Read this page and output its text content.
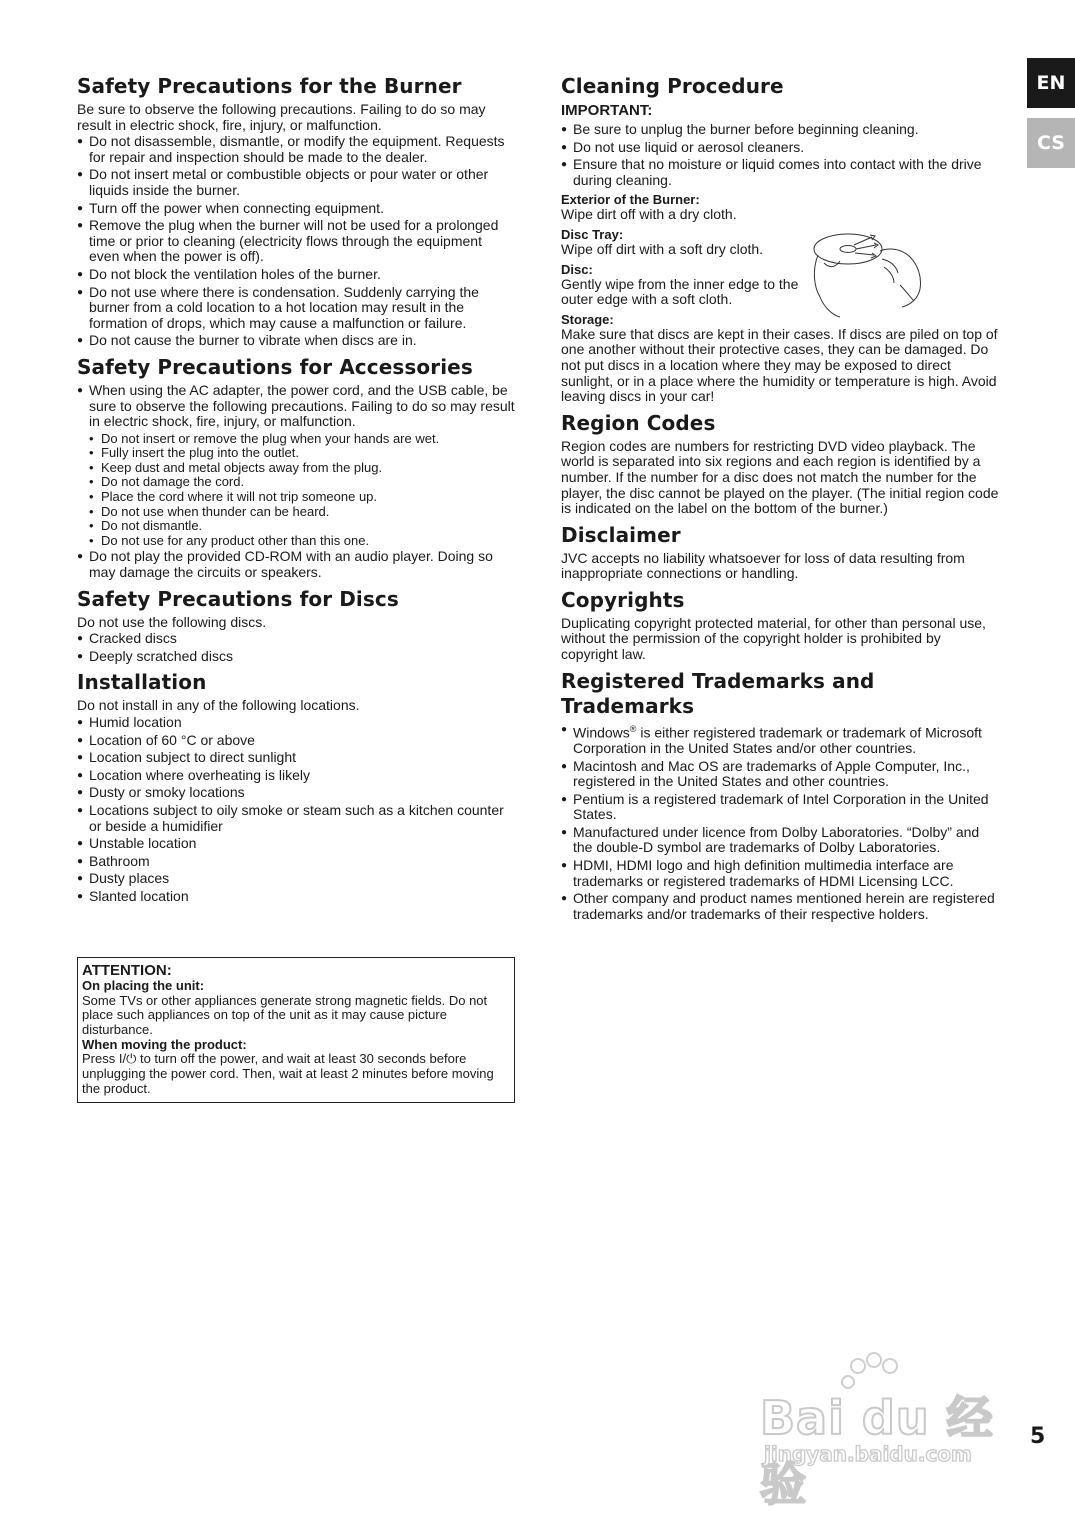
EN
CS
Safety Precautions for the Burner

Be sure to observe the following precautions. Failing to do so may result in electric shock, fire, injury, or malfunction.

● Do not disassemble, dismantle, or modify the equipment. Requests for repair and inspection should be made to the dealer.
● Do not insert metal or combustible objects or pour water or other liquids inside the burner.
● Turn off the power when connecting equipment.
● Remove the plug when the burner will not be used for a prolonged time or prior to cleaning (electricity flows through the equipment even when the power is off).
● Do not block the ventilation holes of the burner.
● Do not use where there is condensation. Suddenly carrying the burner from a cold location to a hot location may result in the formation of drops, which may cause a malfunction or failure.
● Do not cause the burner to vibrate when discs are in.
Safety Precautions for Accessories
● When using the AC adapter, the power cord, and the USB cable, be sure to observe the following precautions. Failing to do so may result in electric shock, fire, injury, or malfunction.
• Do not insert or remove the plug when your hands are wet.
• Fully insert the plug into the outlet.
• Keep dust and metal objects away from the plug.
• Do not damage the cord.
• Place the cord where it will not trip someone up.
• Do not use when thunder can be heard.
• Do not dismantle.
• Do not use for any product other than this one.
● Do not play the provided CD-ROM with an audio player. Doing so may damage the circuits or speakers.
Safety Precautions for Discs

Do not use the following discs.

● Cracked discs
● Deeply scratched discs
Installation

Do not install in any of the following locations.

● Humid location
● Location of 60 °C or above
● Location subject to direct sunlight
● Location where overheating is likely
● Dusty or smoky locations
● Locations subject to oily smoke or steam such as a kitchen counter or beside a humidifier
● Unstable location
● Bathroom
● Dusty places
● Slanted location
ATTENTION:
On placing the unit:
Some TVs or other appliances generate strong magnetic fields. Do not place such appliances on top of the unit as it may cause picture disturbance.
When moving the product:
Press I/⏻ to turn off the power, and wait at least 30 seconds before unplugging the power cord. Then, wait at least 2 minutes before moving the product.
Cleaning Procedure
IMPORTANT:
● Be sure to unplug the burner before beginning cleaning.
● Do not use liquid or aerosol cleaners.
● Ensure that no moisture or liquid comes into contact with the drive during cleaning.
Exterior of the Burner:

Wipe dirt off with a dry cloth.

Disc Tray:

Wipe off dirt with a soft dry cloth.

Disc:

Gently wipe from the inner edge to the outer edge with a soft cloth.

Storage:

Make sure that discs are kept in their cases. If discs are piled on top of one another without their protective cases, they can be damaged. Do not put discs in a location where they may be exposed to direct sunlight, or in a place where the humidity or temperature is high. Avoid leaving discs in your car!

Region Codes

Region codes are numbers for restricting DVD video playback. The world is separated into six regions and each region is identified by a number. If the number for a disc does not match the number for the player, the disc cannot be played on the player. (The initial region code is indicated on the label on the bottom of the burner.)

Disclaimer

JVC accepts no liability whatsoever for loss of data resulting from inappropriate connections or handling.

Copyrights

Duplicating copyright protected material, for other than personal use, without the permission of the copyright holder is prohibited by copyright law.

Registered Trademarks and
Trademarks
● Windows® is either registered trademark or trademark of Microsoft Corporation in the United States and/or other countries.
● Macintosh and Mac OS are trademarks of Apple Computer, Inc., registered in the United States and other countries.
● Pentium is a registered trademark of Intel Corporation in the United States.
● Manufactured under licence from Dolby Laboratories. “Dolby” and the double-D symbol are trademarks of Dolby Laboratories.
● HDMI, HDMI logo and high definition multimedia interface are trademarks or registered trademarks of HDMI Licensing LCC.
● Other company and product names mentioned herein are registered trademarks and/or trademarks of their respective holders.
Bai du 经验
jingyan.baidu.com
5
